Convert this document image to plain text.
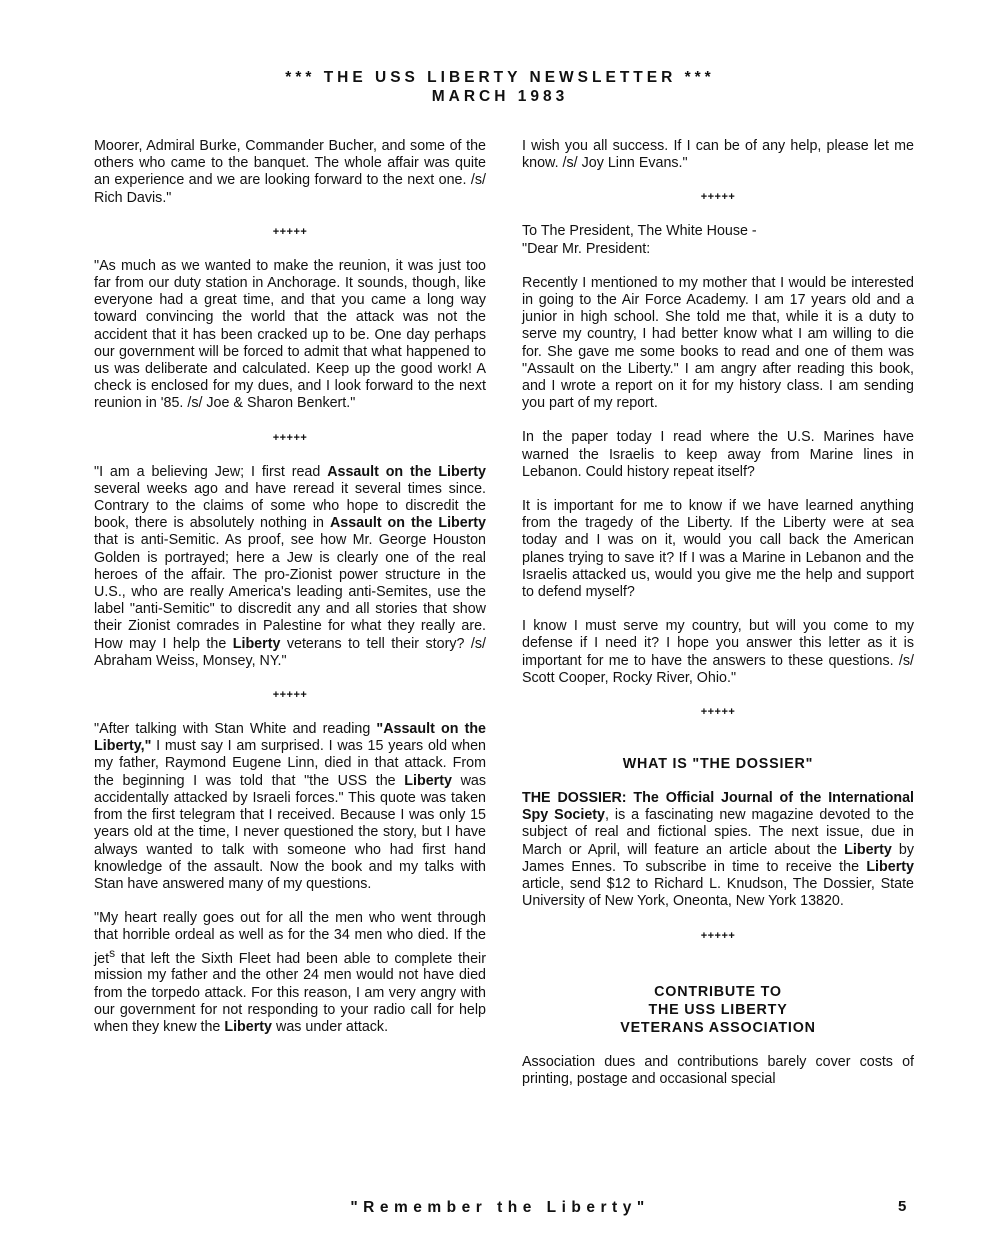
*** THE USS LIBERTY NEWSLETTER ***
MARCH 1983

Moorer, Admiral Burke, Commander Bucher, and some of the others who came to the banquet. The whole affair was quite an experience and we are looking forward to the next one. /s/ Rich Davis."

+++++

"As much as we wanted to make the reunion, it was just too far from our duty station in Anchorage. It sounds, though, like everyone had a great time, and that you came a long way toward convincing the world that the attack was not the accident that it has been cracked up to be. One day perhaps our government will be forced to admit that what happened to us was deliberate and calculated. Keep up the good work! A check is enclosed for my dues, and I look forward to the next reunion in '85. /s/ Joe & Sharon Benkert."

+++++

"I am a believing Jew; I first read Assault on the Liberty several weeks ago and have reread it several times since. Contrary to the claims of some who hope to discredit the book, there is absolutely nothing in Assault on the Liberty that is anti-Semitic. As proof, see how Mr. George Houston Golden is portrayed; here a Jew is clearly one of the real heroes of the affair. The pro-Zionist power structure in the U.S., who are really America's leading anti-Semites, use the label "anti-Semitic" to discredit any and all stories that show their Zionist comrades in Palestine for what they really are. How may I help the Liberty veterans to tell their story? /s/ Abraham Weiss, Monsey, NY."

+++++

"After talking with Stan White and reading "Assault on the Liberty," I must say I am surprised. I was 15 years old when my father, Raymond Eugene Linn, died in that attack. From the beginning I was told that "the USS the Liberty was accidentally attacked by Israeli forces." This quote was taken from the first telegram that I received. Because I was only 15 years old at the time, I never questioned the story, but I have always wanted to talk with someone who had first hand knowledge of the assault. Now the book and my talks with Stan have answered many of my questions.

"My heart really goes out for all the men who went through that horrible ordeal as well as for the 34 men who died. If the jet$^s$ that left the Sixth Fleet had been able to complete their mission my father and the other 24 men would not have died from the torpedo attack. For this reason, I am very angry with our government for not responding to your radio call for help when they knew the Liberty was under attack.

I wish you all success. If I can be of any help, please let me know. /s/ Joy Linn Evans."

+++++

To The President, The White House -
"Dear Mr. President:

Recently I mentioned to my mother that I would be interested in going to the Air Force Academy. I am 17 years old and a junior in high school. She told me that, while it is a duty to serve my country, I had better know what I am willing to die for. She gave me some books to read and one of them was "Assault on the Liberty." I am angry after reading this book, and I wrote a report on it for my history class. I am sending you part of my report.

In the paper today I read where the U.S. Marines have warned the Israelis to keep away from Marine lines in Lebanon. Could history repeat itself?

It is important for me to know if we have learned anything from the tragedy of the Liberty. If the Liberty were at sea today and I was on it, would you call back the American planes trying to save it? If I was a Marine in Lebanon and the Israelis attacked us, would you give me the help and support to defend myself?

I know I must serve my country, but will you come to my defense if I need it? I hope you answer this letter as it is important for me to have the answers to these questions. /s/ Scott Cooper, Rocky River, Ohio."

+++++
WHAT IS "THE DOSSIER"

THE DOSSIER: The Official Journal of the International Spy Society, is a fascinating new magazine devoted to the subject of real and fictional spies. The next issue, due in March or April, will feature an article about the Liberty by James Ennes. To subscribe in time to receive the Liberty article, send $12 to Richard L. Knudson, The Dossier, State University of New York, Oneonta, New York 13820.

+++++
CONTRIBUTE TO
THE USS LIBERTY
VETERANS ASSOCIATION

Association dues and contributions barely cover costs of printing, postage and occasional special

"Remember the Liberty"	5
